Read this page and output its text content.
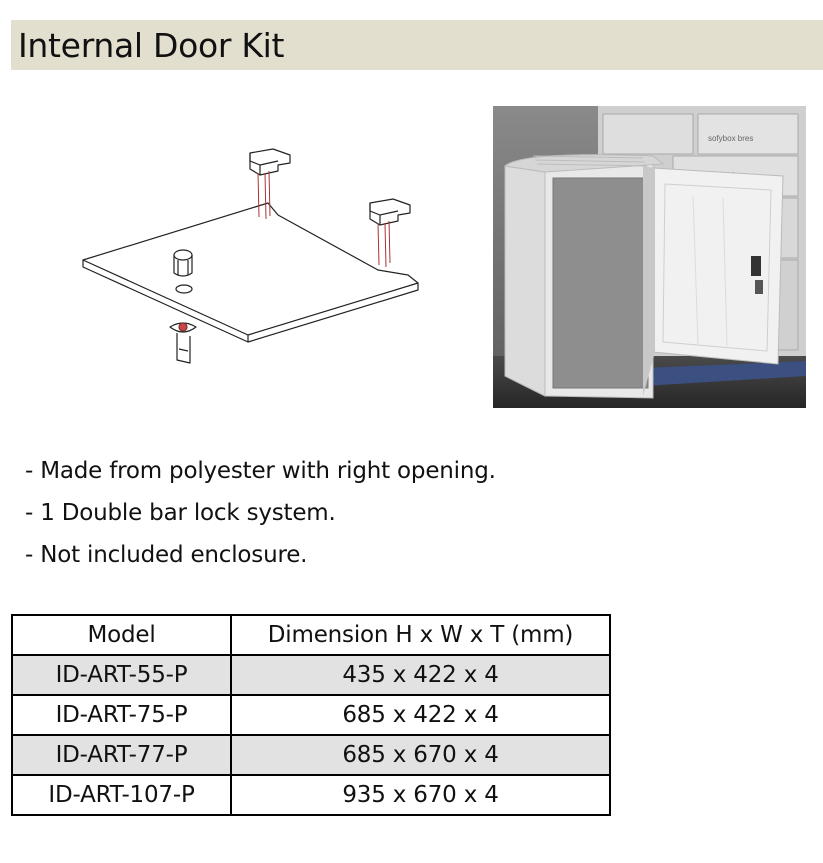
Internal Door Kit
sofybox bres
- Made from polyester with right opening.
- 1 Double bar lock system.
- Not included enclosure.
Model	Dimension H x W x T (mm)
ID-ART-55-P	435 x 422 x 4
ID-ART-75-P	685 x 422 x 4
ID-ART-77-P	685 x 670 x 4
ID-ART-107-P	935 x 670 x 4
